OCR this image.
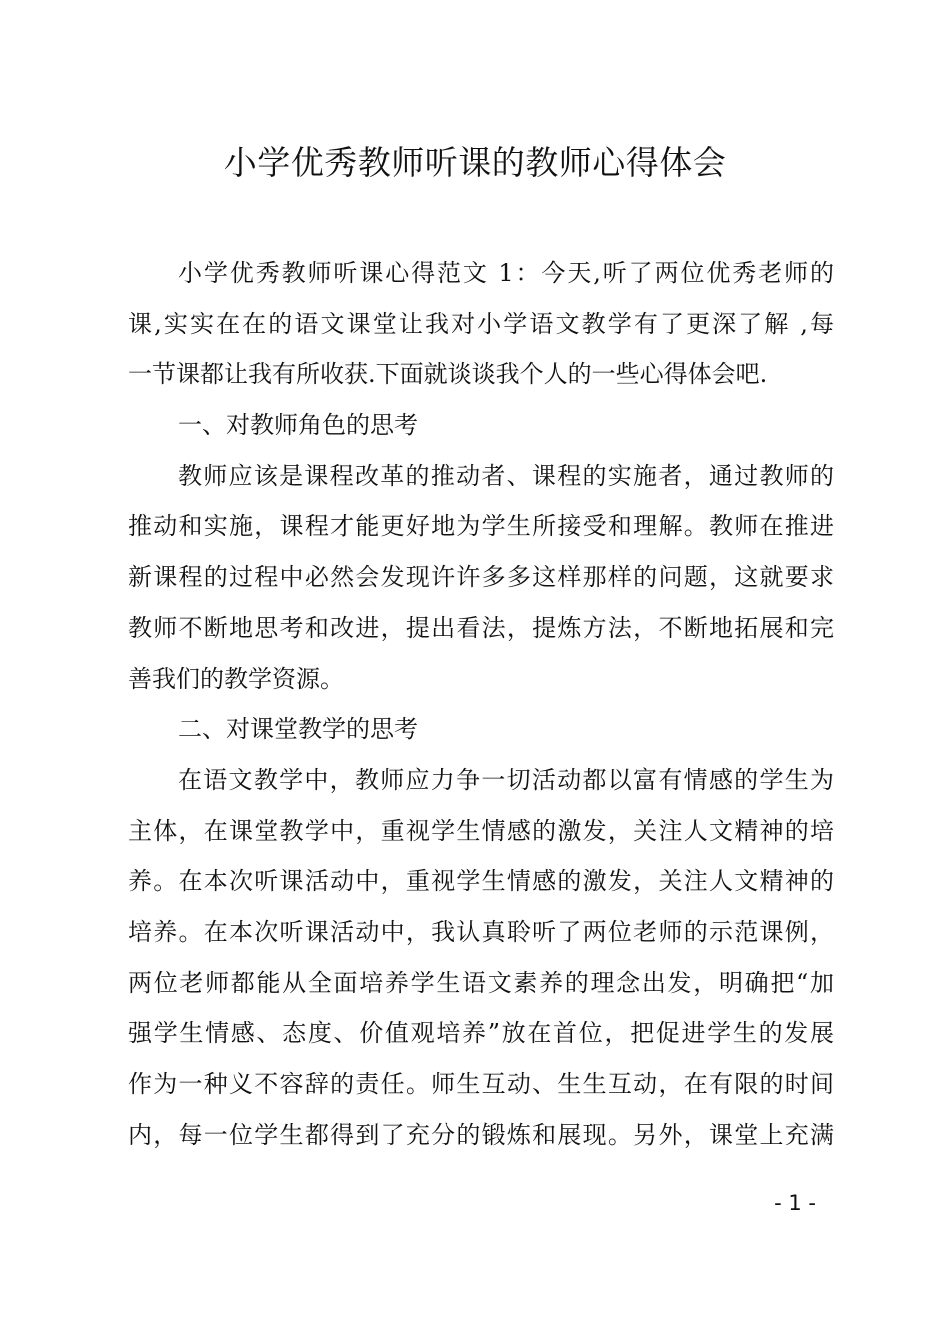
小学优秀教师听课的教师心得体会
小学优秀教师听课心得范文 1：今天,听了两位优秀老师的
课,实实在在的语文课堂让我对小学语文教学有了更深了解 ,每
一节课都让我有所收获.下面就谈谈我个人的一些心得体会吧.
一、对教师角色的思考
教师应该是课程改革的推动者、课程的实施者，通过教师的
推动和实施，课程才能更好地为学生所接受和理解。教师在推进
新课程的过程中必然会发现许许多多这样那样的问题，这就要求
教师不断地思考和改进，提出看法，提炼方法，不断地拓展和完
善我们的教学资源。
二、对课堂教学的思考
在语文教学中，教师应力争一切活动都以富有情感的学生为
主体，在课堂教学中，重视学生情感的激发，关注人文精神的培
养。在本次听课活动中，重视学生情感的激发，关注人文精神的
培养。在本次听课活动中，我认真聆听了两位老师的示范课例，
两位老师都能从全面培养学生语文素养的理念出发，明确把“加
强学生情感、态度、价值观培养”放在首位，把促进学生的发展
作为一种义不容辞的责任。师生互动、生生互动，在有限的时间
内，每一位学生都得到了充分的锻炼和展现。另外，课堂上充满
- 1 -
